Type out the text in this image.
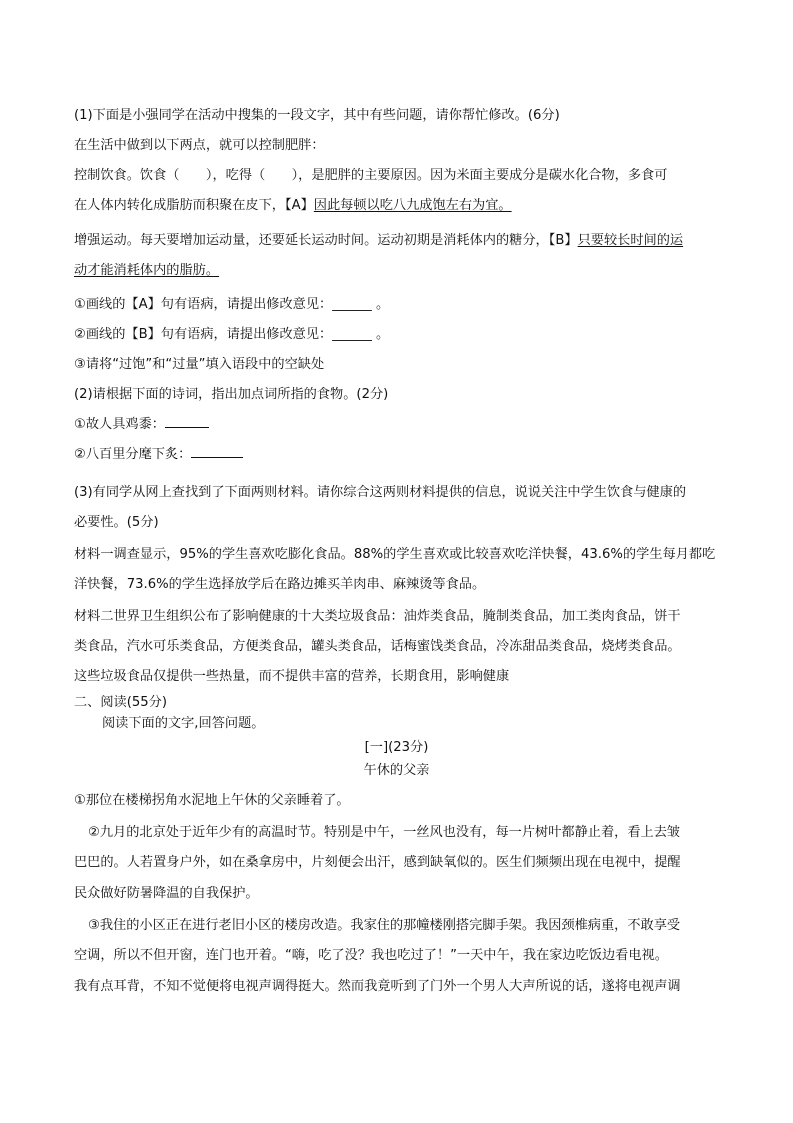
(1)下面是小强同学在活动中搜集的一段文字，其中有些问题，请你帮忙修改。(6分)
在生活中做到以下两点，就可以控制肥胖：
控制饮食。饮食（　　），吃得（　　），是肥胖的主要原因。因为米面主要成分是碳水化合物，多食可
在人体内转化成脂肪而积聚在皮下，【A】因此每顿以吃八九成饱左右为宜。
增强运动。每天要增加运动量，还要延长运动时间。运动初期是消耗体内的糖分，【B】只要较长时间的运
动才能消耗体内的脂肪。
①画线的【A】句有语病，请提出修改意见：______ 。
②画线的【B】句有语病，请提出修改意见：______ 。
③请将“过饱”和“过量”填入语段中的空缺处
(2)请根据下面的诗词，指出加点词所指的食物。(2分)
①故人具鸡黍：
②八百里分麾下炙：
(3)有同学从网上查找到了下面两则材料。请你综合这两则材料提供的信息，说说关注中学生饮食与健康的
必要性。(5分)
材料一调查显示，95%的学生喜欢吃膨化食品。88%的学生喜欢或比较喜欢吃洋快餐，43.6%的学生每月都吃
洋快餐，73.6%的学生选择放学后在路边摊买羊肉串、麻辣烫等食品。
材料二世界卫生组织公布了影响健康的十大类垃圾食品：油炸类食品，腌制类食品，加工类肉食品，饼干
类食品，汽水可乐类食品，方便类食品，罐头类食品，话梅蜜饯类食品，冷冻甜品类食品，烧烤类食品。
这些垃圾食品仅提供一些热量，而不提供丰富的营养，长期食用，影响健康
二、阅读(55分)
阅读下面的文字,回答问题。
[一](23分)
午休的父亲
①那位在楼梯拐角水泥地上午休的父亲睡着了。
②九月的北京处于近年少有的高温时节。特别是中午，一丝风也没有，每一片树叶都静止着，看上去皱
巴巴的。人若置身户外，如在桑拿房中，片刻便会出汗，感到缺氧似的。医生们频频出现在电视中，提醒
民众做好防暑降温的自我保护。
③我住的小区正在进行老旧小区的楼房改造。我家住的那幢楼刚搭完脚手架。我因颈椎病重，不敢享受
空调，所以不但开窗，连门也开着。“嗨，吃了没？我也吃过了！”一天中午，我在家边吃饭边看电视。
我有点耳背，不知不觉便将电视声调得挺大。然而我竟听到了门外一个男人大声所说的话，遂将电视声调
